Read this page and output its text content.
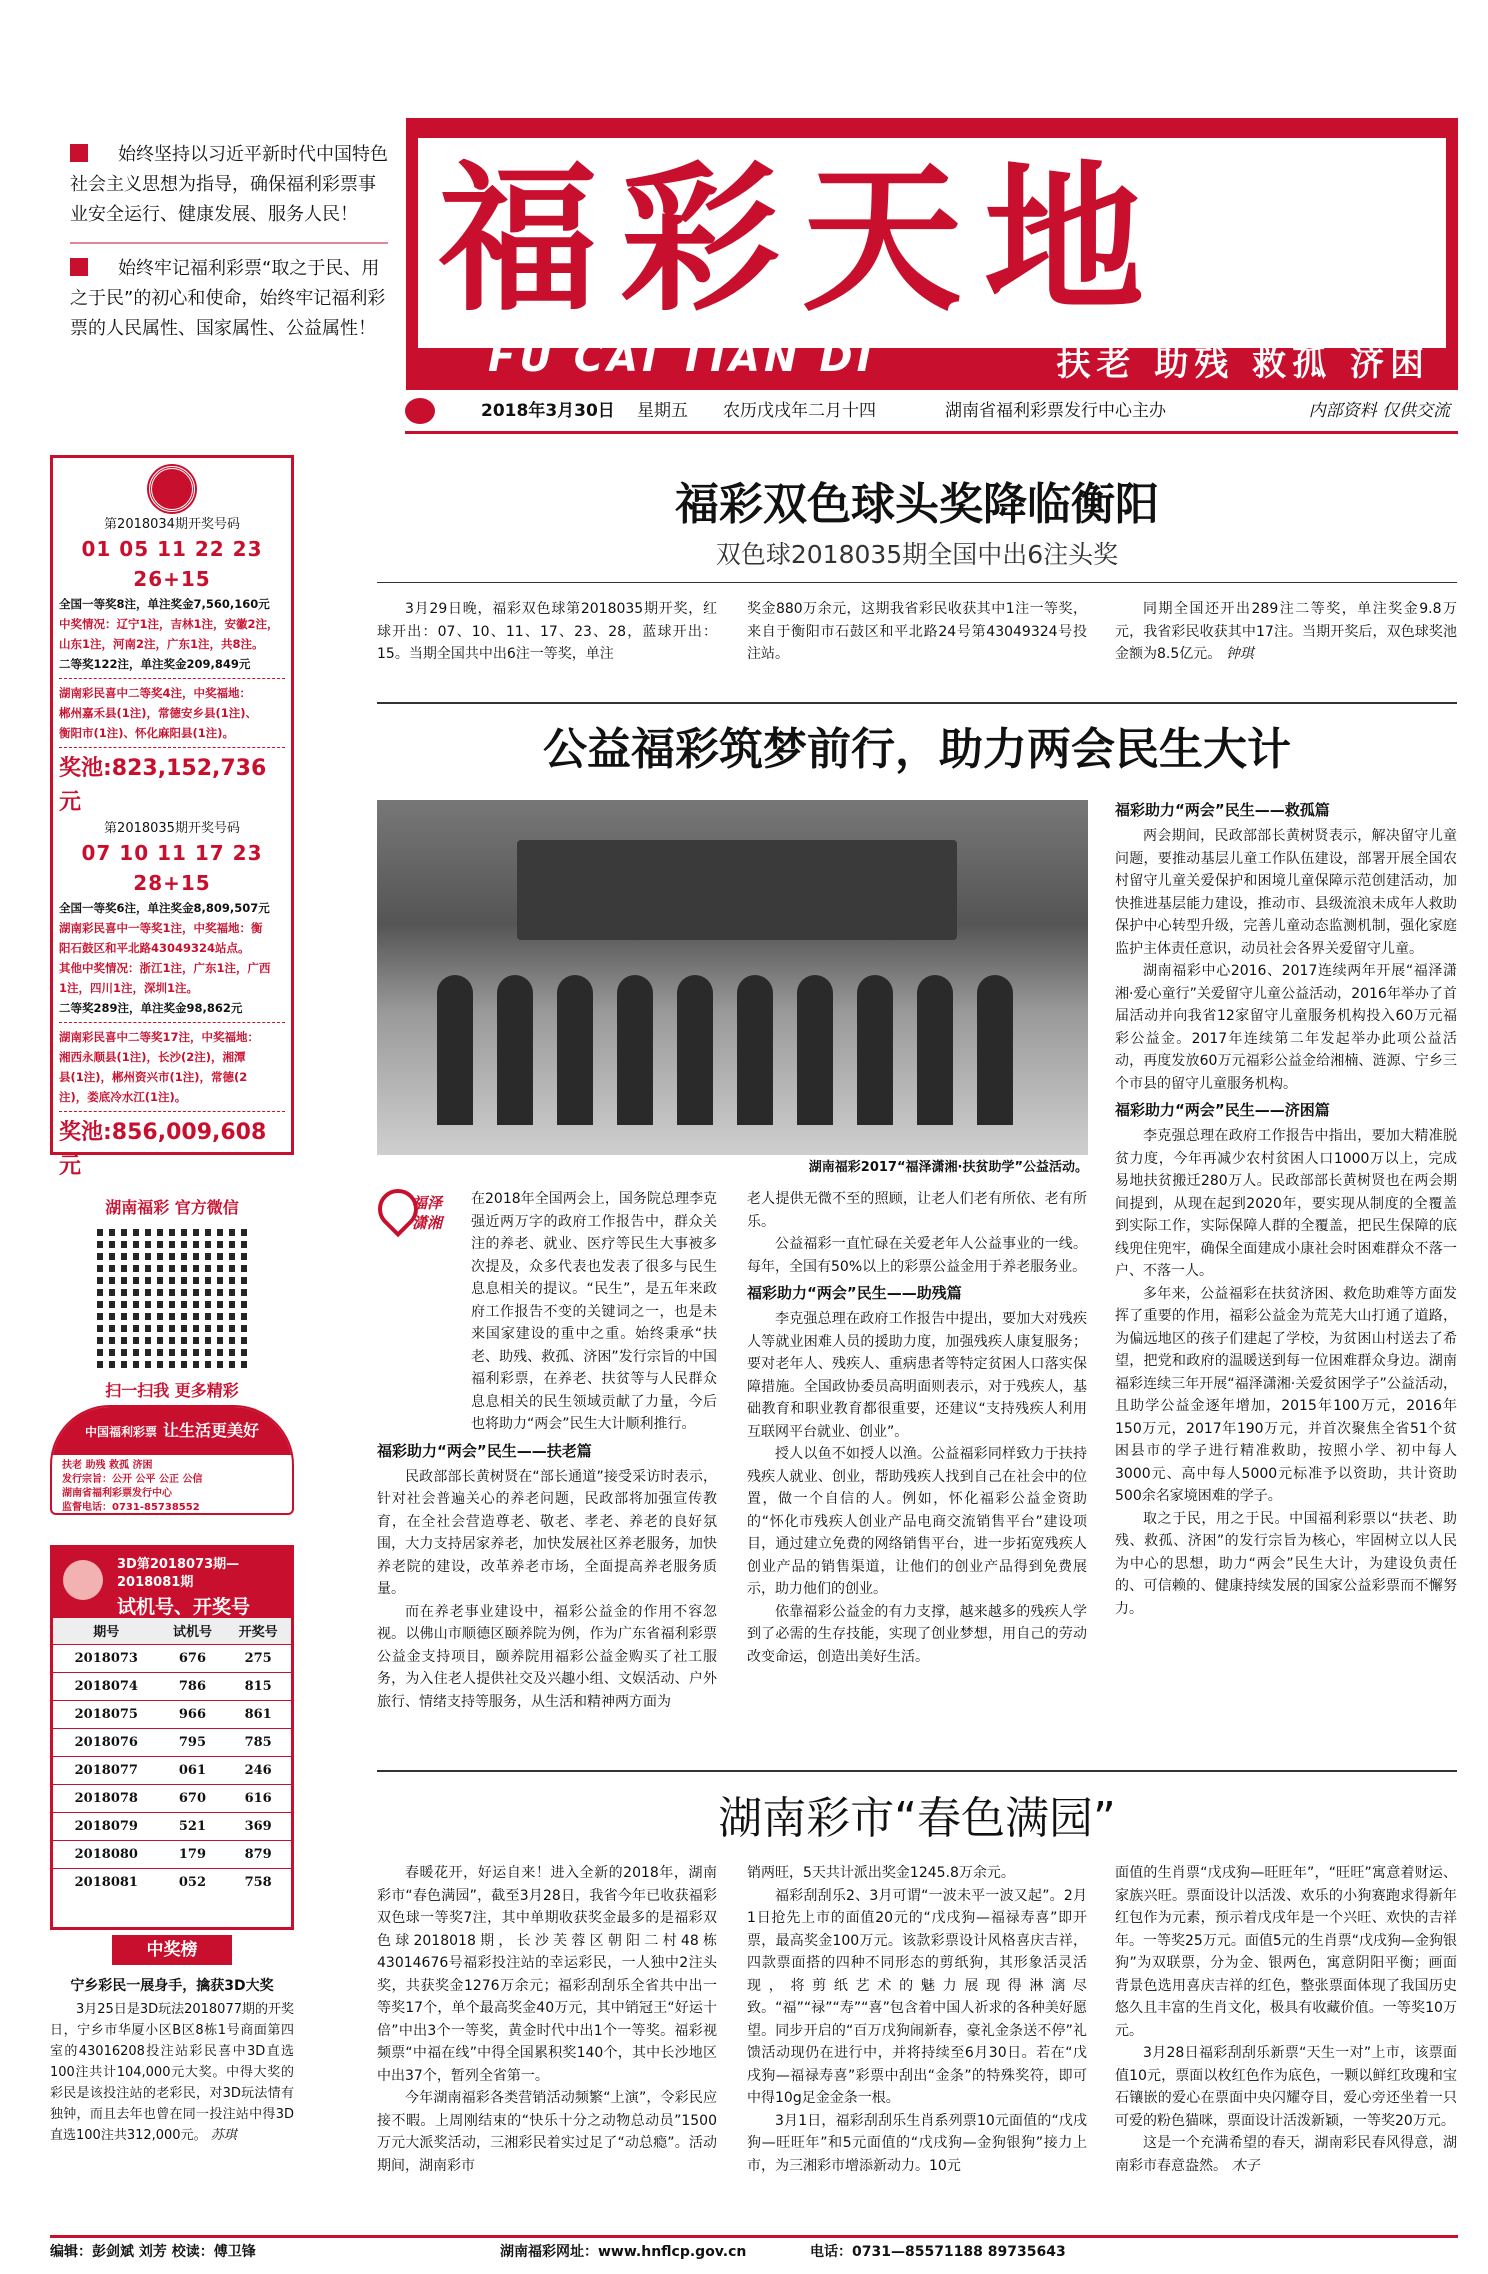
始终坚持以习近平新时代中国特色社会主义思想为指导，确保福利彩票事业安全运行、健康发展、服务人民！
始终牢记福利彩票“取之于民、用之于民”的初心和使命，始终牢记福利彩票的人民属性、国家属性、公益属性！ 福彩天地
FU CAI TIAN DI	扶老 助残 救孤 济困
2018年3月30日 星期五 农历戊戌年二月十四	湖南省福利彩票发行中心主办	内部资料 仅供交流
第2018034期开奖号码
01 05 11 22 23 26+15
全国一等奖8注，单注奖金7,560,160元
中奖情况：辽宁1注，吉林1注，安徽2注，
山东1注，河南2注，广东1注，共8注。
二等奖122注，单注奖金209,849元
湖南彩民喜中二等奖4注，中奖福地：
郴州嘉禾县(1注)，常德安乡县(1注)、
衡阳市(1注)、怀化麻阳县(1注)。
奖池:823,152,736元
第2018035期开奖号码
07 10 11 17 23 28+15
全国一等奖6注，单注奖金8,809,507元
湖南彩民喜中一等奖1注，中奖福地：衡
阳石鼓区和平北路43049324站点。
其他中奖情况：浙江1注，广东1注，广西
1注，四川1注，深圳1注。
二等奖289注，单注奖金98,862元
湖南彩民喜中二等奖17注，中奖福地：
湘西永顺县(1注)，长沙(2注)，湘潭
县(1注)，郴州资兴市(1注)，常德(2
注)，娄底冷水江(1注)。
奖池:856,009,608元
湖南福彩 官方微信
扫一扫我 更多精彩
中国福利彩票 让生活更美好
扶老 助残 救孤 济困
发行宗旨：公开 公平 公正 公信
湖南省福利彩票发行中心
监督电话：0731-85738552
3D第2018073期—2018081期
试机号、开奖号
期号	试机号	开奖号
2018073	676	275
2018074	786	815
2018075	966	861
2018076	795	785
2018077	061	246
2018078	670	616
2018079	521	369
2018080	179	879
2018081	052	758
中奖榜
宁乡彩民一展身手，擒获3D大奖

3月25日是3D玩法2018077期的开奖日，宁乡市华厦小区B区8栋1号商面第四室的43016208投注站彩民喜中3D直选100注共计104,000元大奖。中得大奖的彩民是该投注站的老彩民，对3D玩法情有独钟，而且去年也曾在同一投注站中得3D直选100注共312,000元。 苏琪

福彩双色球头奖降临衡阳
双色球2018035期全国中出6注头奖

3月29日晚，福彩双色球第2018035期开奖，红球开出：07、10、11、17、23、28，蓝球开出：15。当期全国共中出6注一等奖，单注

奖金880万余元，这期我省彩民收获其中1注一等奖，来自于衡阳市石鼓区和平北路24号第43049324号投注站。

同期全国还开出289注二等奖，单注奖金9.8万元，我省彩民收获其中17注。当期开奖后，双色球奖池金额为8.5亿元。 钟琪

公益福彩筑梦前行，助力两会民生大计
湖南福彩2017“福泽潇湘·扶贫助学”公益活动。
福泽潇湘

在2018年全国两会上，国务院总理李克强近两万字的政府工作报告中，群众关注的养老、就业、医疗等民生大事被多次提及，众多代表也发表了很多与民生息息相关的提议。“民生”，是五年来政府工作报告不变的关键词之一，也是未来国家建设的重中之重。始终秉承“扶老、助残、救孤、济困”发行宗旨的中国福利彩票，在养老、扶贫等与人民群众息息相关的民生领域贡献了力量，今后也将助力“两会”民生大计顺利推行。

福彩助力“两会”民生——扶老篇

民政部部长黄树贤在“部长通道”接受采访时表示，针对社会普遍关心的养老问题，民政部将加强宣传教育，在全社会营造尊老、敬老、孝老、养老的良好氛围，大力支持居家养老，加快发展社区养老服务，加快养老院的建设，改革养老市场，全面提高养老服务质量。

而在养老事业建设中，福彩公益金的作用不容忽视。以佛山市顺德区颐养院为例，作为广东省福利彩票公益金支持项目，颐养院用福彩公益金购买了社工服务，为入住老人提供社交及兴趣小组、文娱活动、户外旅行、情绪支持等服务，从生活和精神两方面为

老人提供无微不至的照顾，让老人们老有所依、老有所乐。

公益福彩一直忙碌在关爱老年人公益事业的一线。每年，全国有50%以上的彩票公益金用于养老服务业。

福彩助力“两会”民生——助残篇

李克强总理在政府工作报告中提出，要加大对残疾人等就业困难人员的援助力度，加强残疾人康复服务；要对老年人、残疾人、重病患者等特定贫困人口落实保障措施。全国政协委员高明面则表示，对于残疾人，基础教育和职业教育都很重要，还建议“支持残疾人利用互联网平台就业、创业”。

授人以鱼不如授人以渔。公益福彩同样致力于扶持残疾人就业、创业，帮助残疾人找到自己在社会中的位置，做一个自信的人。例如，怀化福彩公益金资助的“怀化市残疾人创业产品电商交流销售平台”建设项目，通过建立免费的网络销售平台，进一步拓宽残疾人创业产品的销售渠道，让他们的创业产品得到免费展示，助力他们的创业。

依靠福彩公益金的有力支撑，越来越多的残疾人学到了必需的生存技能，实现了创业梦想，用自己的劳动改变命运，创造出美好生活。

福彩助力“两会”民生——救孤篇

两会期间，民政部部长黄树贤表示，解决留守儿童问题，要推动基层儿童工作队伍建设，部署开展全国农村留守儿童关爱保护和困境儿童保障示范创建活动，加快推进基层能力建设，推动市、县级流浪未成年人救助保护中心转型升级，完善儿童动态监测机制，强化家庭监护主体责任意识，动员社会各界关爱留守儿童。

湖南福彩中心2016、2017连续两年开展“福泽潇湘·爱心童行”关爱留守儿童公益活动，2016年举办了首届活动并向我省12家留守儿童服务机构投入60万元福彩公益金。2017年连续第二年发起举办此项公益活动，再度发放60万元福彩公益金给湘楠、涟源、宁乡三个市县的留守儿童服务机构。

福彩助力“两会”民生——济困篇

李克强总理在政府工作报告中指出，要加大精准脱贫力度，今年再减少农村贫困人口1000万以上，完成易地扶贫搬迁280万人。民政部部长黄树贤也在两会期间提到，从现在起到2020年，要实现从制度的全覆盖到实际工作，实际保障人群的全覆盖，把民生保障的底线兜住兜牢，确保全面建成小康社会时困难群众不落一户、不落一人。

多年来，公益福彩在扶贫济困、救危助难等方面发挥了重要的作用，福彩公益金为荒芜大山打通了道路，为偏远地区的孩子们建起了学校，为贫困山村送去了希望，把党和政府的温暖送到每一位困难群众身边。湖南福彩连续三年开展“福泽潇湘·关爱贫困学子”公益活动，且助学公益金逐年增加，2015年100万元，2016年150万元，2017年190万元，并首次聚焦全省51个贫困县市的学子进行精准救助，按照小学、初中每人3000元、高中每人5000元标准予以资助，共计资助500余名家境困难的学子。

取之于民，用之于民。中国福利彩票以“扶老、助残、救孤、济困”的发行宗旨为核心，牢固树立以人民为中心的思想，助力“两会”民生大计，为建设负责任的、可信赖的、健康持续发展的国家公益彩票而不懈努力。

湖南彩市“春色满园”

春暖花开，好运自来！进入全新的2018年，湖南彩市“春色满园”，截至3月28日，我省今年已收获福彩双色球一等奖7注，其中单期收获奖金最多的是福彩双色球2018018期，长沙芙蓉区朝阳二村48栋43014676号福彩投注站的幸运彩民，一人独中2注头奖，共获奖金1276万余元；福彩刮刮乐全省共中出一等奖17个，单个最高奖金40万元，其中销冠王“好运十倍”中出3个一等奖，黄金时代中出1个一等奖。福彩视频票“中福在线”中得全国累积奖140个，其中长沙地区中出37个，暂列全省第一。

今年湖南福彩各类营销活动频繁“上演”，令彩民应接不暇。上周刚结束的“快乐十分之动物总动员”1500万元大派奖活动，三湘彩民着实过足了“动总瘾”。活动期间，湖南彩市

销两旺，5天共计派出奖金1245.8万余元。

福彩刮刮乐2、3月可谓“一波未平一波又起”。2月1日抢先上市的面值20元的“戊戌狗—福禄寿喜”即开票，最高奖金100万元。该款彩票设计风格喜庆吉祥，四款票面搭的四种不同形态的剪纸狗，其形象活灵活现，将剪纸艺术的魅力展现得淋漓尽致。“福”“禄”“寿”“喜”包含着中国人祈求的各种美好愿望。同步开启的“百万戊狗闹新春，豪礼金条送不停”礼馈活动现仍在进行中，并将持续至6月30日。若在“戊戌狗—福禄寿喜”彩票中刮出“金条”的特殊奖符，即可中得10g足金金条一根。

3月1日，福彩刮刮乐生肖系列票10元面值的“戊戌狗—旺旺年”和5元面值的“戊戌狗—金狗银狗”接力上市，为三湘彩市增添新动力。10元

面值的生肖票“戊戌狗—旺旺年”，“旺旺”寓意着财运、家族兴旺。票面设计以活泼、欢乐的小狗赛跑求得新年红包作为元素，预示着戊戌年是一个兴旺、欢快的吉祥年。一等奖25万元。面值5元的生肖票“戊戌狗—金狗银狗”为双联票，分为金、银两色，寓意阴阳平衡；画面背景色选用喜庆吉祥的红色，整张票面体现了我国历史悠久且丰富的生肖文化，极具有收藏价值。一等奖10万元。

3月28日福彩刮刮乐新票“天生一对”上市，该票面值10元，票面以枚红色作为底色，一颗以鲜红玫瑰和宝石镶嵌的爱心在票面中央闪耀夺目，爱心旁还坐着一只可爱的粉色猫咪，票面设计活泼新颖，一等奖20万元。

这是一个充满希望的春天，湖南彩民春风得意，湖南彩市春意盎然。 木子

编辑：彭剑斌 刘芳 校读：傅卫锋	湖南福彩网址：www.hnflcp.gov.cn	电话：0731—85571188 89735643
